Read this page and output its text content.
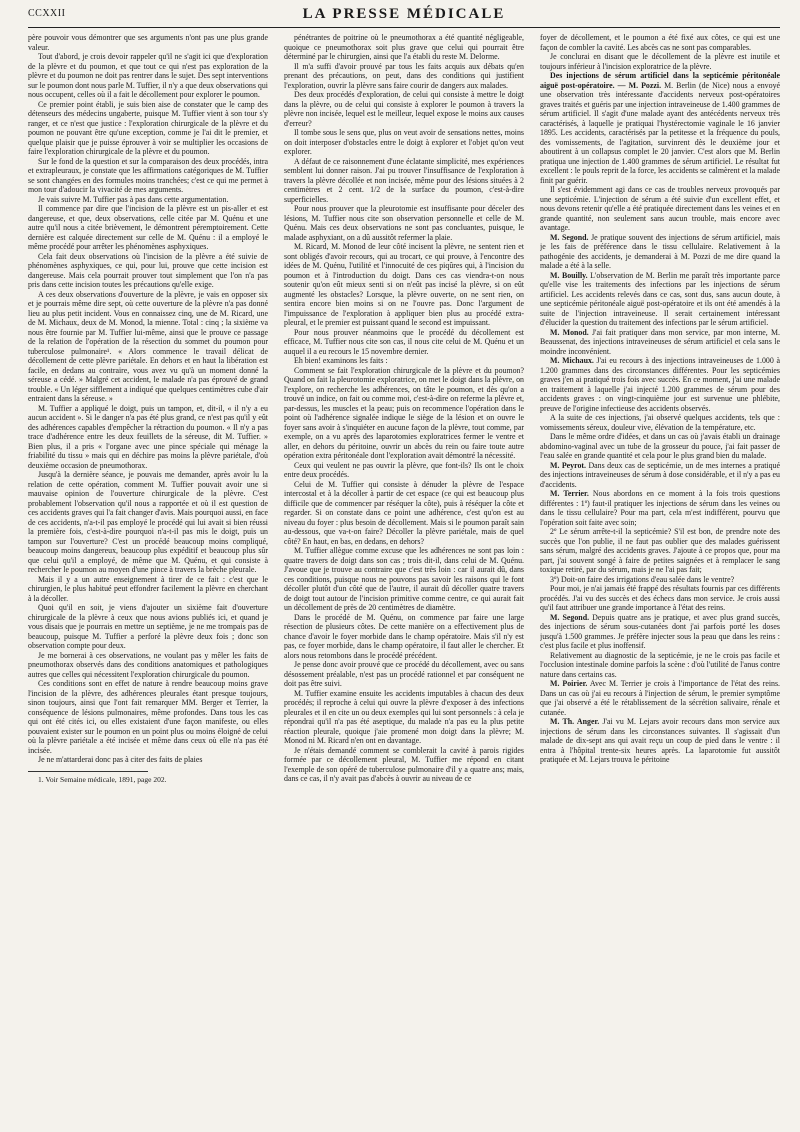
CCXXII	LA PRESSE MÉDICALE

père pouvoir vous démontrer que ses arguments n'ont pas une plus grande valeur.

Tout d'abord, je crois devoir rappeler qu'il ne s'agit ici que d'exploration de la plèvre et du poumon, et que tout ce qui n'est pas exploration de la plèvre et du poumon ne doit pas rentrer dans le sujet. Des sept interventions sur le poumon dont nous parle M. Tuffier, il n'y a que deux observations qui nous occupent, celles où il a fait le décollement pour explorer le poumon.

Ce premier point établi, je suis bien aise de constater que le camp des détenseurs des médecins ungaberte, puisque M. Tuffier vient à son tour s'y ranger, et ce n'est que justice : l'exploration chirurgicale de la plèvre et du poumon ne pouvant être qu'une exception, comme je l'ai dit le premier, et quelque plaisir que je puisse éprouver à voir se multiplier les occasions de faire l'exploration chirurgicale de la plèvre et du poumon.

Sur le fond de la question et sur la comparaison des deux procédés, intra et extrapleuraux, je constate que les affirmations catégoriques de M. Tuffier se sont changées en des formules moins tranchées; c'est ce qui me permet à mon tour d'adoucir la vivacité de mes arguments.

Je vais suivre M. Tuffier pas à pas dans cette argumentation.

Il commence par dire que l'incision de la plèvre est un pis-aller et est dangereuse, et que, deux observations, celle citée par M. Quénu et une autre qu'il nous a citée brièvement, le démontrent péremptoirement. Cette dernière est calquée directement sur celle de M. Quénu : il a employé le même procédé pour arrêter les phénomènes asphyxiques.

Cela fait deux observations où l'incision de la plèvre a été suivie de phénomènes asphyxiques, ce qui, pour lui, prouve que cette incision est dangereuse. Mais cela pourrait prouver tout simplement que l'on n'a pas pris dans cette incision toutes les précautions qu'elle exige.

A ces deux observations d'ouverture de la plèvre, je vais en opposer six et je pourrais même dire sept, où cette ouverture de la plèvre n'a pas donné lieu au plus petit incident. Vous en connaissez cinq, une de M. Ricard, une de M. Michaux, deux de M. Monod, la mienne. Total : cinq ; la sixième va nous être fournie par M. Tuffier lui-même, ainsi que le prouve ce passage de la relation de l'opération de la résection du sommet du poumon pour tuberculose pulmonaire¹. « Alors commence le travail délicat de décollement de cette plèvre pariétale. En dehors et en haut la libération est facile, en dedans au contraire, vous avez vu qu'à un moment donné la séreuse a cédé. » Malgré cet accident, le malade n'a pas éprouvé de grand trouble. « Un léger sifflement a indiqué que quelques centimètres cube d'air entraient dans la séreuse. »

M. Tuffier a appliqué le doigt, puis un tampon, et, dit-il, « il n'y a eu aucun accident ». Si le danger n'a pas été plus grand, ce n'est pas qu'il y eût des adhérences capables d'empêcher la rétraction du poumon. « Il n'y a pas trace d'adhérence entre les deux feuillets de la séreuse, dit M. Tuffier. » Bien plus, il a pris « l'organe avec une pince spéciale qui ménage la friabilité du tissu » mais qui en déchire pas moins la plèvre pariétale, d'où deuxième occasion de pneumothorax.

Jusqu'à la dernière séance, je pouvais me demander, après avoir lu la relation de cette opération, comment M. Tuffier pouvait avoir une si mauvaise opinion de l'ouverture chirurgicale de la plèvre. C'est probablement l'observation qu'il nous a rapportée et où il est question de ces accidents graves qui l'a fait changer d'avis. Mais pourquoi aussi, en face de ces accidents, n'a-t-il pas employé le procédé qui lui avait si bien réussi la première fois, c'est-à-dire pourquoi n'a-t-il pas mis le doigt, puis un tampon sur l'ouverture? C'est un procédé beaucoup moins compliqué, beaucoup moins dangereux, beaucoup plus expéditif et beaucoup plus sûr que celui qu'il a employé, de même que M. Quénu, et qui consiste à rechercher le poumon au moyen d'une pince à travers la brèche pleurale.

Mais il y a un autre enseignement à tirer de ce fait : c'est que le chirurgien, le plus habitué peut effondrer facilement la plèvre en cherchant à la décoller.

Quoi qu'il en soit, je viens d'ajouter un sixième fait d'ouverture chirurgicale de la plèvre à ceux que nous avions publiés ici, et quand je vous disais que je pourrais en mettre un septième, je ne me trompais pas de beaucoup, puisque M. Tuffier a perforé la plèvre deux fois ; donc son observation compte pour deux.

Je me bornerai à ces observations, ne voulant pas y mêler les faits de pneumothorax observés dans des conditions anatomiques et pathologiques autres que celles qui nécessitent l'exploration chirurgicale du poumon.

Ces conditions sont en effet de nature à rendre beaucoup moins grave l'incision de la plèvre, des adhérences pleurales étant presque toujours, sinon toujours, ainsi que l'ont fait remarquer MM. Berger et Terrier, la conséquence de lésions pulmonaires, même profondes. Dans tous les cas qui ont été cités ici, ou elles existaient d'une façon manifeste, ou elles pouvaient exister sur le poumon en un point plus ou moins éloigné de celui où la plèvre pariétale a été incisée et même dans ceux où elle n'a pas été incisée.

Je ne m'attarderai donc pas à citer des faits de plaies

1. Voir Semaine médicale, 1891, page 202.

pénétrantes de poitrine où le pneumothorax a été quantité négligeable, quoique ce pneumothorax soit plus grave que celui qui pourrait être déterminé par le chirurgien, ainsi que l'a établi du reste M. Delorme.

Il m'a suffi d'avoir prouvé par tous les faits acquis aux débats qu'en prenant des précautions, on peut, dans des conditions qui justifient l'exploration, ouvrir la plèvre sans faire courir de dangers aux malades.

Des deux procédés d'exploration, de celui qui consiste à mettre le doigt dans la plèvre, ou de celui qui consiste à explorer le poumon à travers la plèvre non incisée, lequel est le meilleur, lequel expose le moins aux causes d'erreur?

Il tombe sous le sens que, plus on veut avoir de sensations nettes, moins on doit interposer d'obstacles entre le doigt à explorer et l'objet qu'on veut explorer.

A défaut de ce raisonnement d'une éclatante simplicité, mes expériences semblent lui donner raison. J'ai pu trouver l'insuffisance de l'exploration à travers la plèvre décollée et non incisée, même pour des lésions situées à 2 centimètres et 2 cent. 1/2 de la surface du poumon, c'est-à-dire superficielles.

Pour nous prouver que la pleurotomie est insuffisante pour déceler des lésions, M. Tuffier nous cite son observation personnelle et celle de M. Quénu. Mais ces deux observations ne sont pas concluantes, puisque, le malade asphyxiant, on a dû aussitôt refermer la plaie.

M. Ricard, M. Monod de leur côté incisent la plèvre, ne sentent rien et sont obligés d'avoir recours, qui au trocart, ce qui prouve, à l'encontre des idées de M. Quénu, l'utilité et l'innocuité de ces piqûres qui, à l'incision du poumon et à l'introduction du doigt. Dans ces cas viendra-t-on nous soutenir qu'on eût mieux senti si on n'eût pas incisé la plèvre, si on eût augmenté les obstacles? Lorsque, la plèvre ouverte, on ne sent rien, on sentira encore bien moins si on ne l'ouvre pas. Donc l'argument de l'impuissance de l'exploration à appliquer bien plus au procédé extra-pleural, et le premier est puissant quand le second est impuissant.

Pour nous prouver néanmoins que le procédé du décollement est efficace, M. Tuffier nous cite son cas, il nous cite celui de M. Quénu et un auquel il a eu recours le 15 novembre dernier.

Eh bien! examinons les faits :

Comment se fait l'exploration chirurgicale de la plèvre et du poumon? Quand on fait la pleurotomie exploratrice, on met le doigt dans la plèvre, on l'explore, on recherche les adhérences, on tâte le poumon, et dès qu'on a trouvé un indice, on fait ou comme moi, c'est-à-dire on referme la plèvre et, par-dessus, les muscles et la peau; puis on recommence l'opération dans le point où l'adhérence signalée indique le siège de la lésion et on ouvre le foyer sans avoir à s'inquiéter en aucune façon de la plèvre, tout comme, par exemple, on a vu après des laparotomies exploratrices fermer le ventre et aller, en dehors du péritoine, ouvrir un abcès du rein ou faire toute autre opération extra péritonéale dont l'exploration avait démontré la nécessité.

Ceux qui veulent ne pas ouvrir la plèvre, que font-ils? Ils ont le choix entre deux procédés.

Celui de M. Tuffier qui consiste à dénuder la plèvre de l'espace intercostal et à la décoller à partir de cet espace (ce qui est beaucoup plus difficile que de commencer par réséquer la côte), puis à réséquer la côte et regarder. Si on constate dans ce point une adhérence, c'est qu'on est au niveau du foyer : plus besoin de décollement. Mais si le poumon paraît sain au-dessous, que va-t-on faire? Décoller la plèvre pariétale, mais de quel côté? En haut, en bas, en dedans, en dehors?

M. Tuffier allègue comme excuse que les adhérences ne sont pas loin : quatre travers de doigt dans son cas ; trois dit-il, dans celui de M. Quénu. J'avoue que je trouve au contraire que c'est très loin : car il aurait dû, dans ces conditions, puisque nous ne pouvons pas savoir les raisons qui le font décoller plutôt d'un côté que de l'autre, il aurait dû décoller quatre travers de doigt tout autour de l'incision primitive comme centre, ce qui aurait fait un décollement de près de 20 centimètres de diamètre.

Dans le procédé de M. Quénu, on commence par faire une large résection de plusieurs côtes. De cette manière on a effectivement plus de chance d'avoir le foyer morbide dans le champ opératoire. Mais s'il n'y est pas, ce foyer morbide, dans le champ opératoire, il faut aller le chercher. Et alors nous retombons dans le procédé précédent.

Je pense donc avoir prouvé que ce procédé du décollement, avec ou sans désossement préalable, n'est pas un procédé rationnel et par conséquent ne doit pas être suivi.

M. Tuffier examine ensuite les accidents imputables à chacun des deux procédés; il reproche à celui qui ouvre la plèvre d'exposer à des infections pleurales et il en cite un ou deux exemples qui lui sont personnels : à cela je répondrai qu'il n'a pas été aseptique, du malade n'a pas eu la plus petite réaction pleurale, quoique j'aie promené mon doigt dans la plèvre; M. Monod ni M. Ricard n'en ont en davantage.

Je n'étais demandé comment se comblerait la cavité à parois rigides formée par ce décollement pleural, M. Tuffier me répond en citant l'exemple de son opéré de tuberculose pulmonaire d'il y a quatre ans; mais, dans ce cas, il n'y avait pas d'abcès à ouvrir au niveau de ce

foyer de décollement, et le poumon a été fixé aux côtes, ce qui est une façon de combler la cavité. Les abcès cas ne sont pas comparables.

Je conclurai en disant que le décollement de la plèvre est inutile et toujours inférieur à l'incision exploratrice de la plèvre.

Des injections de sérum artificiel dans la septicémie péritonéale aiguë post-opératoire. — M. Pozzi. M. Berlin (de Nice) nous a envoyé une observation très intéressante d'accidents nerveux post-opératoires graves traités et guéris par une injection intraveineuse de 1.400 grammes de sérum artificiel. Il s'agit d'une malade ayant des antécédents nerveux très caractérisés, à laquelle je pratiquai l'hystérectomie vaginale le 16 janvier 1895. Les accidents, caractérisés par la petitesse et la fréquence du pouls, des vomissements, de l'agitation, survinrent dès le deuxième jour et aboutirent à un collapsus complet le 20 janvier. C'est alors que M. Berlin pratiqua une injection de 1.400 grammes de sérum artificiel. Le résultat fut excellent : le pouls reprit de la force, les accidents se calmèrent et la malade finit par guérir.

Il s'est évidemment agi dans ce cas de troubles nerveux provoqués par une septicémie. L'injection de sérum a été suivie d'un excellent effet, et nous devons retenir qu'elle a été pratiquée directement dans les veines et en grande quantité, non seulement sans aucun trouble, mais encore avec avantage.

M. Segond. Je pratique souvent des injections de sérum artificiel, mais je les fais de préférence dans le tissu cellulaire. Relativement à la pathogénie des accidents, je demanderai à M. Pozzi de me dire quand la malade a été à la selle.

M. Bouilly. L'observation de M. Berlin me paraît très importante parce qu'elle vise les traitements des infections par les injections de sérum artificiel. Les accidents relevés dans ce cas, sont dus, sans aucun doute, à une septicémie péritonéale aiguë post-opératoire et ils ont été amendés à la suite de l'injection intraveineuse. Il serait certainement intéressant d'élucider la question du traitement des infections par le sérum artificiel.

M. Monod. J'ai fait pratiquer dans mon service, par mon interne, M. Beaussenat, des injections intraveineuses de sérum artificiel et cela sans le moindre inconvénient.

M. Michaux. J'ai eu recours à des injections intraveineuses de 1.000 à 1.200 grammes dans des circonstances différentes. Pour les septicémies graves j'en ai pratiqué trois fois avec succès. En ce moment, j'ai une malade en traitement à laquelle j'ai injecté 1.200 grammes de sérum pour des accidents graves : on vingt-cinquième jour est survenue une phlébite, preuve de l'origine infectieuse des accidents observés.

A la suite de ces injections, j'ai observé quelques accidents, tels que : vomissements séreux, douleur vive, élévation de la température, etc.

Dans le même ordre d'idées, et dans un cas où j'avais établi un drainage abdomino-vaginal avec un tube de la grosseur du pouce, j'ai fait passer de l'eau salée en grande quantité et cela pour le plus grand bien du malade.

M. Peyrot. Dans deux cas de septicémie, un de mes internes a pratiqué des injections intraveineuses de sérum à dose considérable, et il n'y a pas eu d'accidents.

M. Terrier. Nous abordons en ce moment à la fois trois questions différentes : 1º) faut-il pratiquer les injections de sérum dans les veines ou dans le tissu cellulaire? Pour ma part, cela m'est indifférent, pourvu que l'opération soit faite avec soin;

2º Le sérum arrête-t-il la septicémie? S'il est bon, de prendre note des succès que l'on publie, il ne faut pas oublier que des malades guérissent sans sérum, malgré des accidents graves. J'ajoute à ce propos que, pour ma part, j'ai souvent songé à faire de petites saignées et à remplacer le sang toxique retiré, par du sérum, mais je ne l'ai pas fait;

3º) Doit-on faire des irrigations d'eau salée dans le ventre?

Pour moi, je n'ai jamais été frappé des résultats fournis par ces différents procédés. J'ai vu des succès et des échecs dans mon service. Je crois aussi qu'il faut attribuer une grande importance à l'état des reins.

M. Segond. Depuis quatre ans je pratique, et avec plus grand succès, des injections de sérum sous-cutanées dont j'ai parfois porté les doses jusqu'à 1.500 grammes. Je préfère injecter sous la peau que dans les reins : c'est plus facile et plus inoffensif.

Relativement au diagnostic de la septicémie, je ne le crois pas facile et l'occlusion intestinale domine parfois la scène : d'où l'utilité de l'anus contre nature dans certains cas.

M. Poirier. Avec M. Terrier je crois à l'importance de l'état des reins. Dans un cas où j'ai eu recours à l'injection de sérum, le premier symptôme que j'ai observé a été le rétablissement de la sécrétion salivaire, rénale et cutanée.

M. Th. Anger. J'ai vu M. Lejars avoir recours dans mon service aux injections de sérum dans les circonstances suivantes. Il s'agissait d'un malade de dix-sept ans qui avait reçu un coup de pied dans le ventre : il entra à l'hôpital trente-six heures après. La laparotomie fut aussitôt pratiquée et M. Lejars trouva le péritoine
